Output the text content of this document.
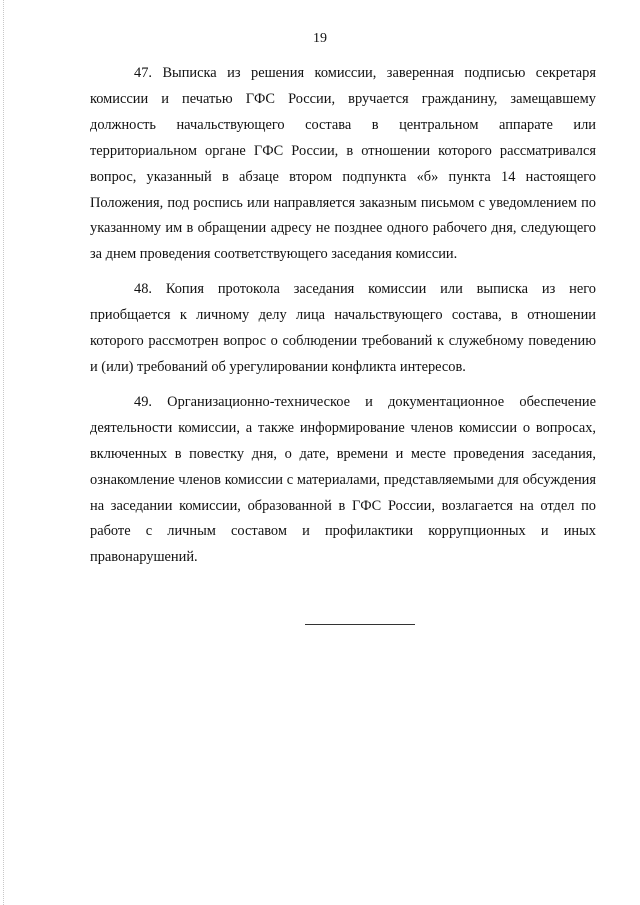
19

47. Выписка из решения комиссии, заверенная подписью секретаря комиссии и печатью ГФС России, вручается гражданину, замещавшему должность начальствующего состава в центральном аппарате или территориальном органе ГФС России, в отношении которого рассматривался вопрос, указанный в абзаце втором подпункта «б» пункта 14 настоящего Положения, под роспись или направляется заказным письмом с уведомлением по указанному им в обращении адресу не позднее одного рабочего дня, следующего за днем проведения соответствующего заседания комиссии.

48. Копия протокола заседания комиссии или выписка из него приобщается к личному делу лица начальствующего состава, в отношении которого рассмотрен вопрос о соблюдении требований к служебному поведению и (или) требований об урегулировании конфликта интересов.

49. Организационно-техническое и документационное обеспечение деятельности комиссии, а также информирование членов комиссии о вопросах, включенных в повестку дня, о дате, времени и месте проведения заседания, ознакомление членов комиссии с материалами, представляемыми для обсуждения на заседании комиссии, образованной в ГФС России, возлагается на отдел по работе с личным составом и профилактики коррупционных и иных правонарушений.
